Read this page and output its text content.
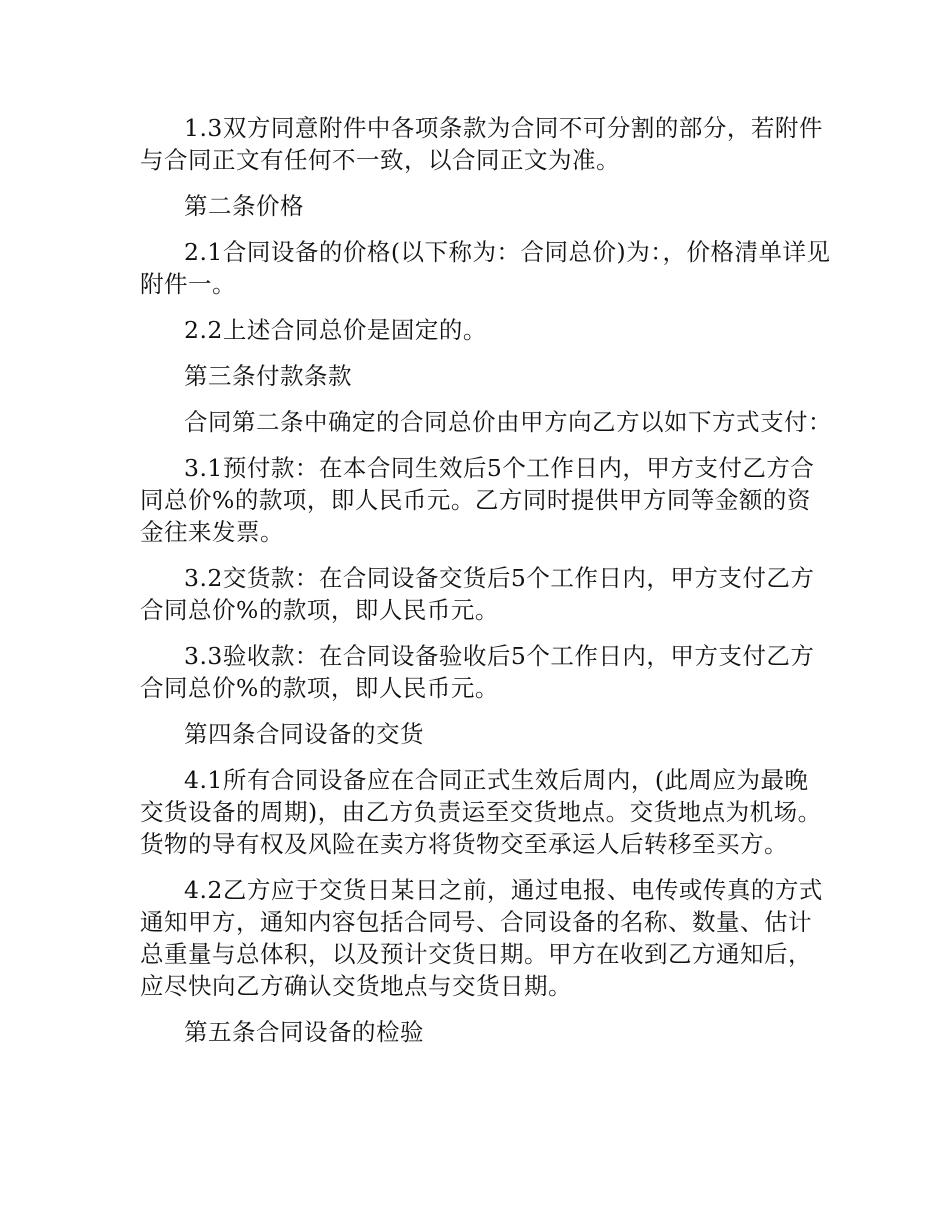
1.3双方同意附件中各项条款为合同不可分割的部分，若附件与合同正文有任何不一致，以合同正文为准。

第二条价格

2.1合同设备的价格(以下称为：合同总价)为：，价格清单详见附件一。

2.2上述合同总价是固定的。

第三条付款条款

合同第二条中确定的合同总价由甲方向乙方以如下方式支付：

3.1预付款：在本合同生效后5个工作日内，甲方支付乙方合同总价%的款项，即人民币元。乙方同时提供甲方同等金额的资金往来发票。

3.2交货款：在合同设备交货后5个工作日内，甲方支付乙方合同总价%的款项，即人民币元。

3.3验收款：在合同设备验收后5个工作日内，甲方支付乙方合同总价%的款项，即人民币元。

第四条合同设备的交货

4.1所有合同设备应在合同正式生效后周内，(此周应为最晚交货设备的周期)，由乙方负责运至交货地点。交货地点为机场。货物的导有权及风险在卖方将货物交至承运人后转移至买方。

4.2乙方应于交货日某日之前，通过电报、电传或传真的方式通知甲方，通知内容包括合同号、合同设备的名称、数量、估计总重量与总体积，以及预计交货日期。甲方在收到乙方通知后，应尽快向乙方确认交货地点与交货日期。

第五条合同设备的检验
